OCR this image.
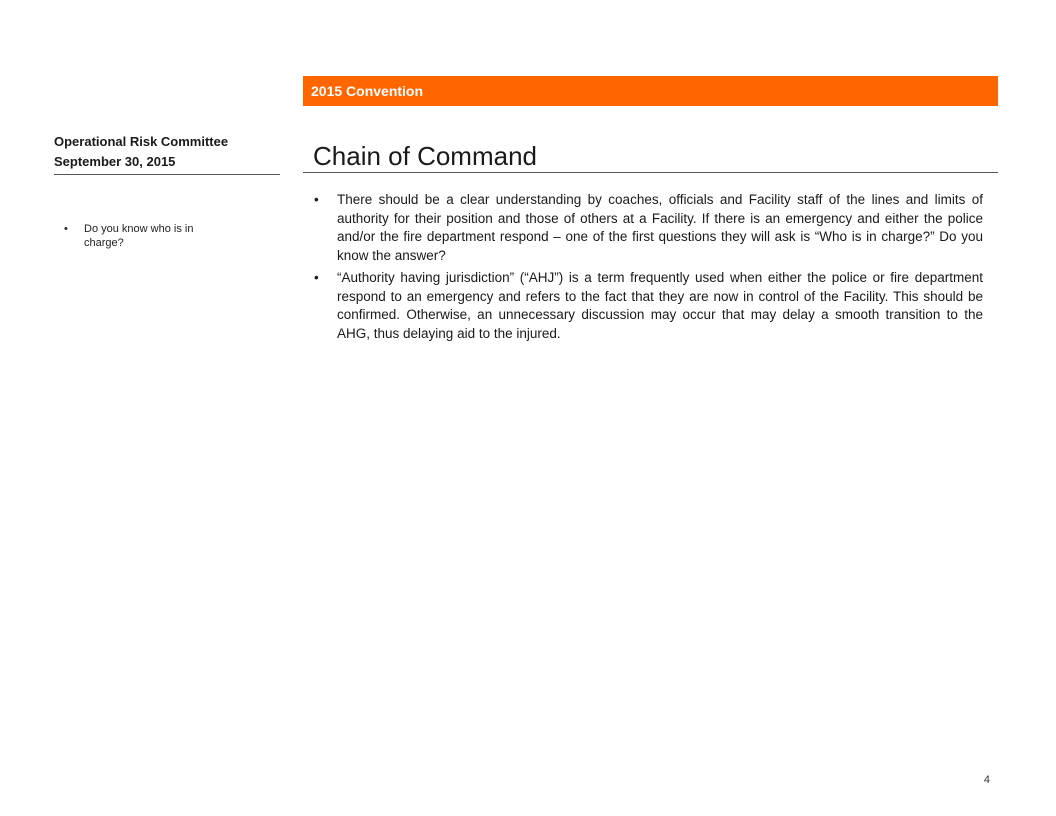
2015 Convention
Operational Risk Committee
September 30, 2015
• Do you know who is in charge?
Chain of Command
• There should be a clear understanding by coaches, officials and Facility staff of the lines and limits of authority for their position and those of others at a Facility. If there is an emergency and either the police and/or the fire department respond – one of the first questions they will ask is “Who is in charge?” Do you know the answer?
• “Authority having jurisdiction” (“AHJ”) is a term frequently used when either the police or fire department respond to an emergency and refers to the fact that they are now in control of the Facility. This should be confirmed. Otherwise, an unnecessary discussion may occur that may delay a smooth transition to the AHG, thus delaying aid to the injured.
4
